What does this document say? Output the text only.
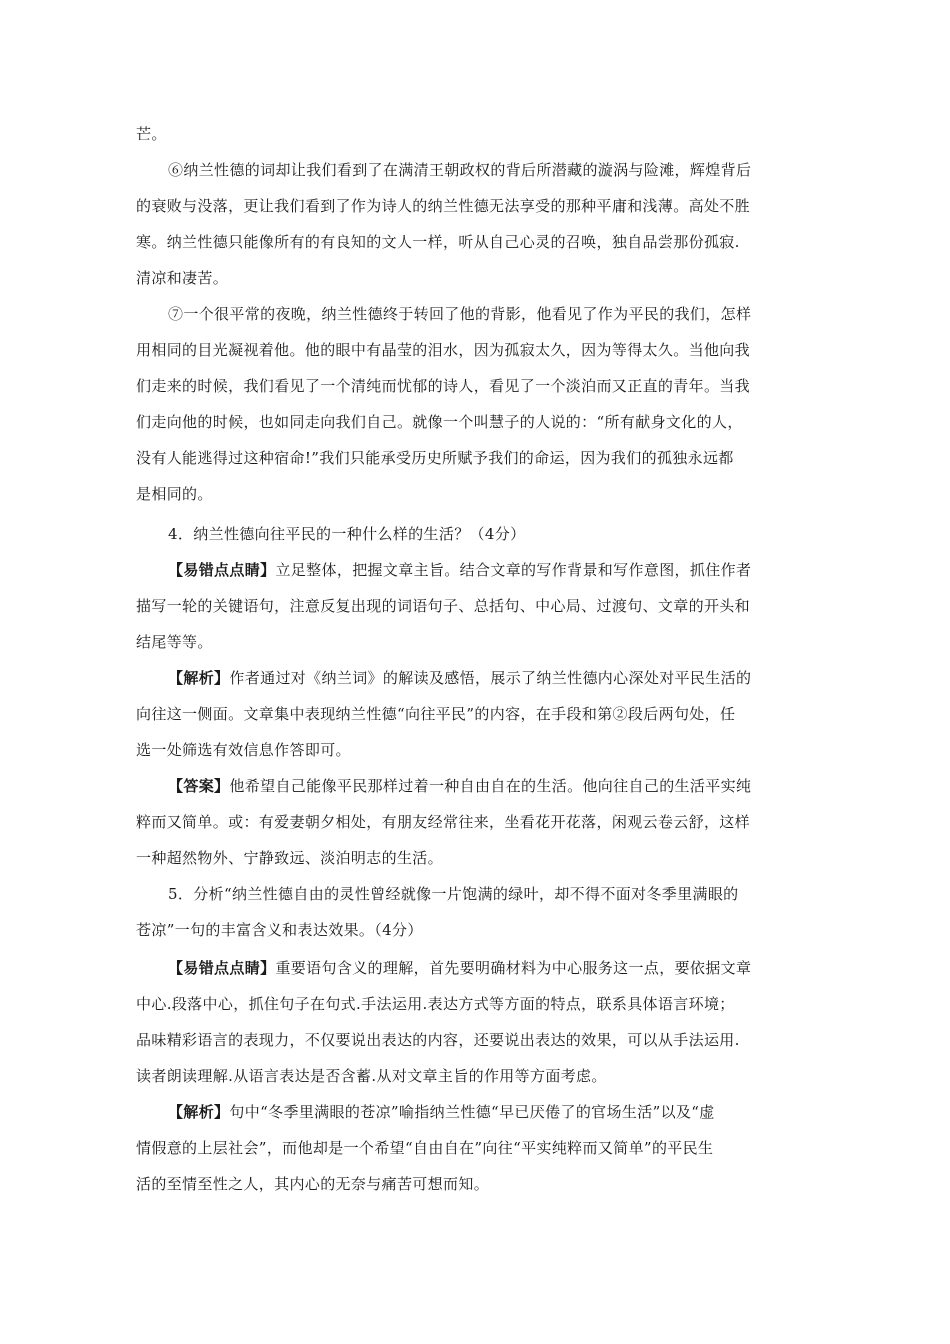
芒。
⑥纳兰性德的词却让我们看到了在满清王朝政权的背后所潜藏的漩涡与险滩，辉煌背后
的衰败与没落，更让我们看到了作为诗人的纳兰性德无法享受的那种平庸和浅薄。高处不胜
寒。纳兰性德只能像所有的有良知的文人一样，听从自己心灵的召唤，独自品尝那份孤寂.
清凉和凄苦。
⑦一个很平常的夜晚，纳兰性德终于转回了他的背影，他看见了作为平民的我们，怎样
用相同的目光凝视着他。他的眼中有晶莹的泪水，因为孤寂太久，因为等得太久。当他向我
们走来的时候，我们看见了一个清纯而忧郁的诗人，看见了一个淡泊而又正直的青年。当我
们走向他的时候，也如同走向我们自己。就像一个叫慧子的人说的：“所有献身文化的人，
没有人能逃得过这种宿命!”我们只能承受历史所赋予我们的命运，因为我们的孤独永远都
是相同的。
4．纳兰性德向往平民的一种什么样的生活？（4分）
【易错点点睛】立足整体，把握文章主旨。结合文章的写作背景和写作意图，抓住作者
描写一轮的关键语句，注意反复出现的词语句子、总括句、中心局、过渡句、文章的开头和
结尾等等。
【解析】作者通过对《纳兰词》的解读及感悟，展示了纳兰性德内心深处对平民生活的
向往这一侧面。文章集中表现纳兰性德“向往平民”的内容，在手段和第②段后两句处，任
选一处筛选有效信息作答即可。
【答案】他希望自己能像平民那样过着一种自由自在的生活。他向往自己的生活平实纯
粹而又简单。或：有爱妻朝夕相处，有朋友经常往来，坐看花开花落，闲观云卷云舒，这样
一种超然物外、宁静致远、淡泊明志的生活。
5．分析“纳兰性德自由的灵性曾经就像一片饱满的绿叶，却不得不面对冬季里满眼的
苍凉”一句的丰富含义和表达效果。（4分）
【易错点点睛】重要语句含义的理解，首先要明确材料为中心服务这一点，要依据文章
中心.段落中心，抓住句子在句式.手法运用.表达方式等方面的特点，联系具体语言环境；
品味精彩语言的表现力，不仅要说出表达的内容，还要说出表达的效果，可以从手法运用.
读者朗读理解.从语言表达是否含蓄.从对文章主旨的作用等方面考虑。
【解析】句中“冬季里满眼的苍凉”喻指纳兰性德“早已厌倦了的官场生活”以及“虚
情假意的上层社会”，而他却是一个希望“自由自在”向往“平实纯粹而又简单”的平民生
活的至情至性之人，其内心的无奈与痛苦可想而知。
